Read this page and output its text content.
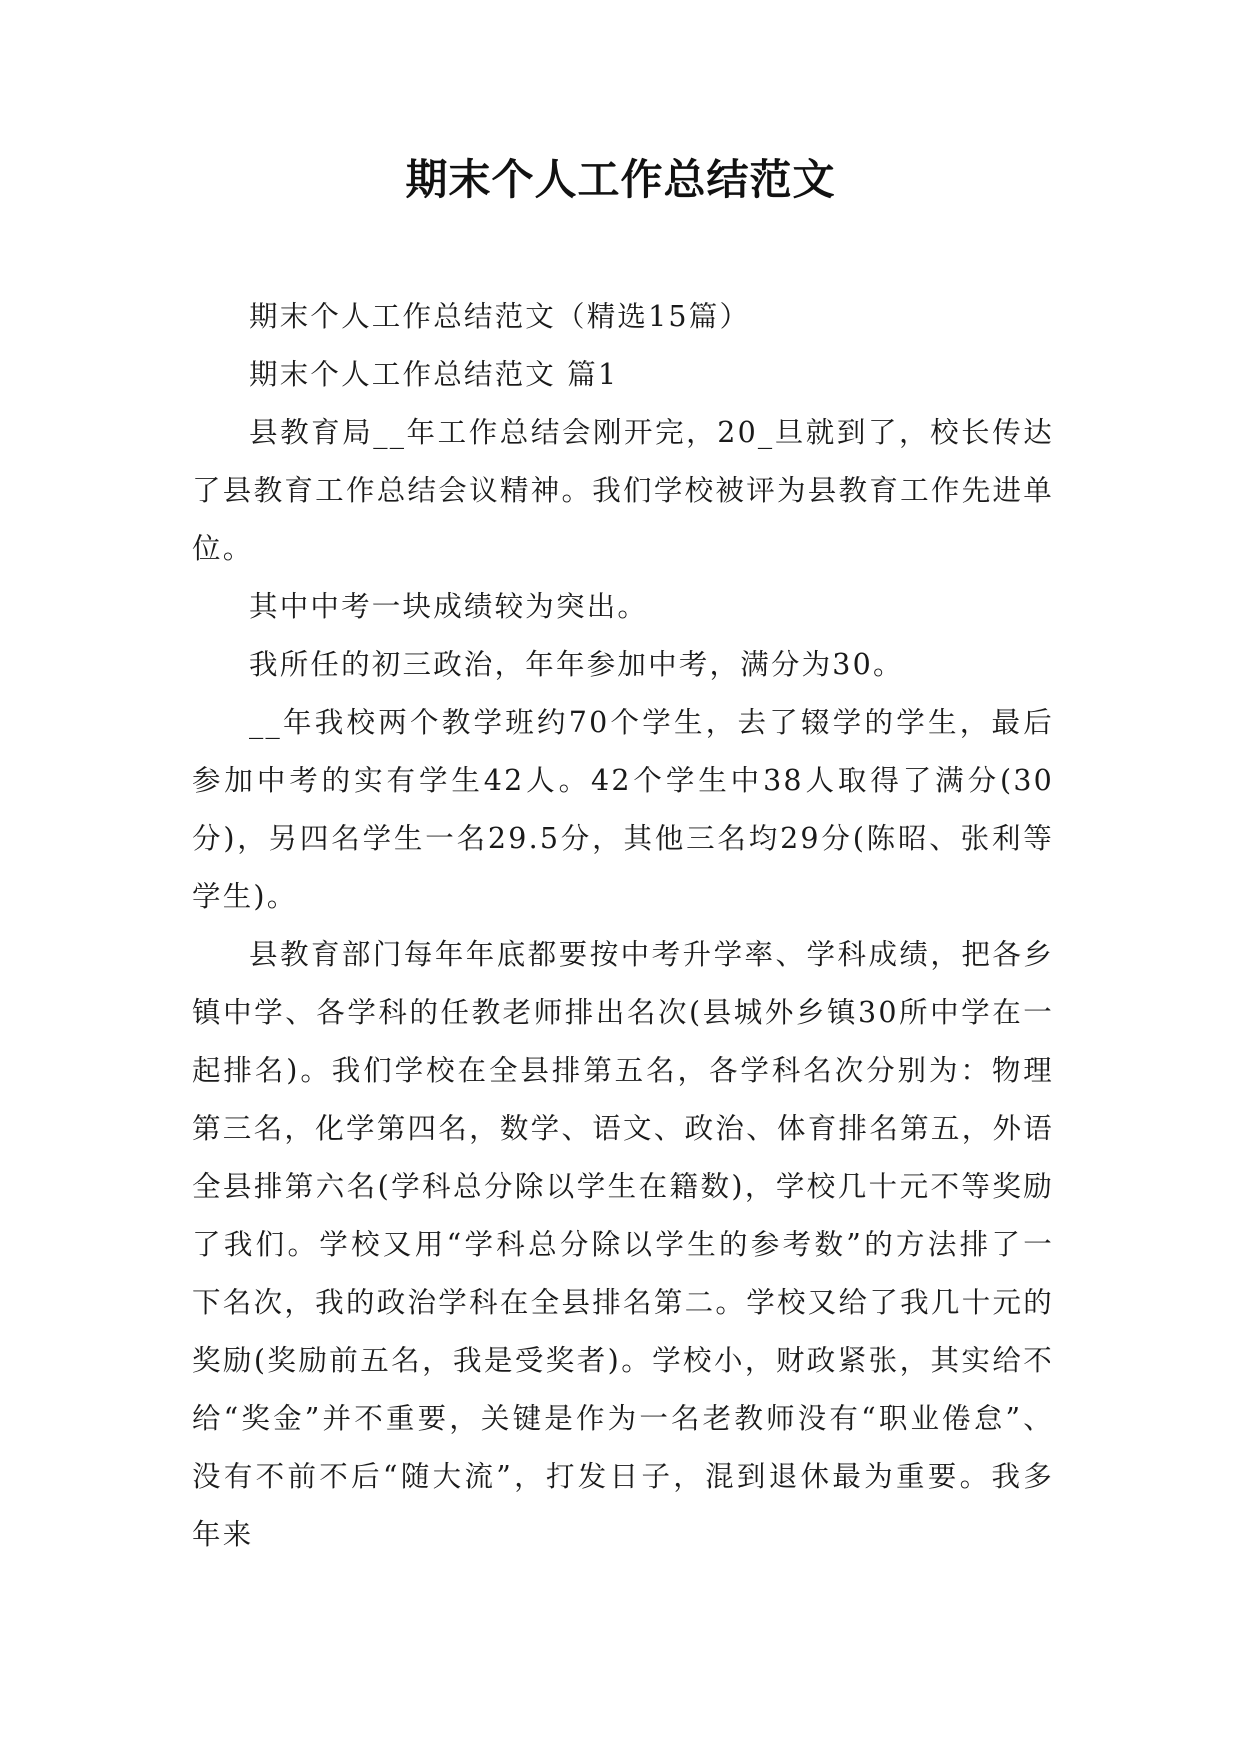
期末个人工作总结范文

期末个人工作总结范文（精选15篇）

期末个人工作总结范文 篇1

县教育局__年工作总结会刚开完，20_旦就到了，校长传达了县教育工作总结会议精神。我们学校被评为县教育工作先进单位。

其中中考一块成绩较为突出。

我所任的初三政治，年年参加中考，满分为30。

__年我校两个教学班约70个学生，去了辍学的学生，最后参加中考的实有学生42人。42个学生中38人取得了满分(30分)，另四名学生一名29.5分，其他三名均29分(陈昭、张利等学生)。

县教育部门每年年底都要按中考升学率、学科成绩，把各乡镇中学、各学科的任教老师排出名次(县城外乡镇30所中学在一起排名)。我们学校在全县排第五名，各学科名次分别为：物理第三名，化学第四名，数学、语文、政治、体育排名第五，外语全县排第六名(学科总分除以学生在籍数)，学校几十元不等奖励了我们。学校又用“学科总分除以学生的参考数”的方法排了一下名次，我的政治学科在全县排名第二。学校又给了我几十元的奖励(奖励前五名，我是受奖者)。学校小，财政紧张，其实给不给“奖金”并不重要，关键是作为一名老教师没有“职业倦怠”、没有不前不后“随大流”，打发日子，混到退休最为重要。我多年来
